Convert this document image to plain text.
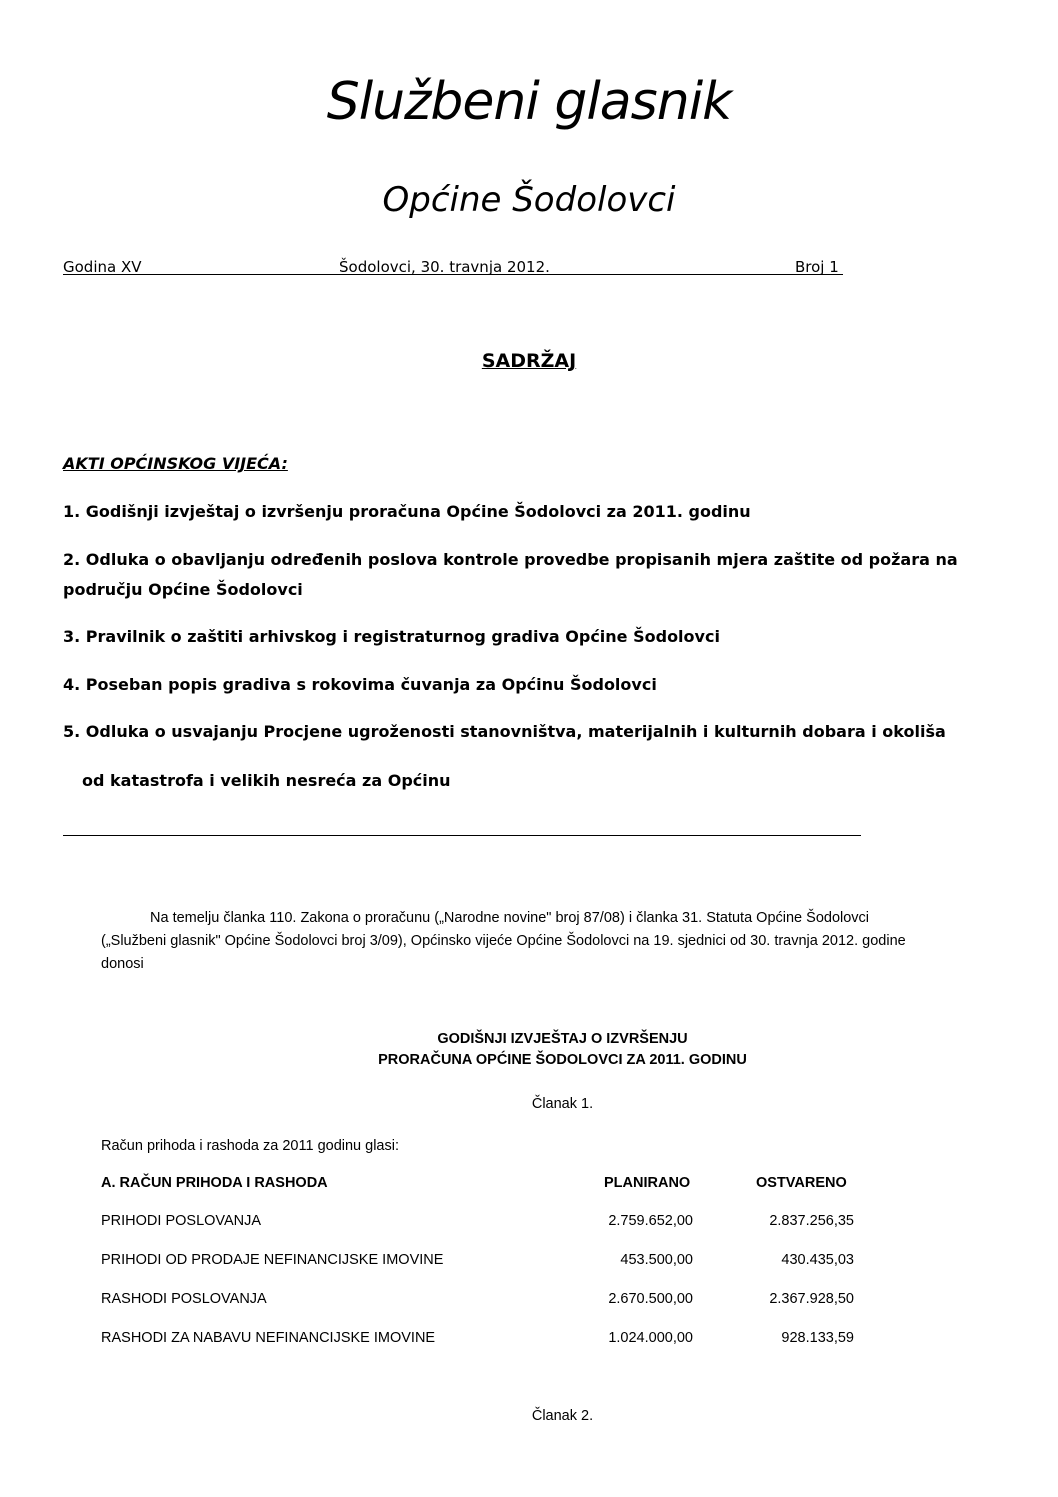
Službeni glasnik
Općine Šodolovci
Godina XV	Šodolovci, 30. travnja 2012.	Broj 1
SADRŽAJ
AKTI OPĆINSKOG VIJEĆA:
1. Godišnji izvještaj o izvršenju proračuna Općine Šodolovci za 2011. godinu
2. Odluka o obavljanju određenih poslova kontrole provedbe propisanih mjera zaštite od požara na
području Općine Šodolovci
3. Pravilnik o zaštiti arhivskog i registraturnog gradiva Općine Šodolovci
4. Poseban popis gradiva s rokovima čuvanja za Općinu Šodolovci
5. Odluka o usvajanju Procjene ugroženosti stanovništva, materijalnih i kulturnih dobara i okoliša
od katastrofa i velikih nesreća za Općinu
Na temelju članka 110. Zakona o proračunu („Narodne novine" broj 87/08) i članka 31. Statuta Općine Šodolovci
(„Službeni glasnik" Općine Šodolovci broj 3/09), Općinsko vijeće Općine Šodolovci na 19. sjednici od 30. travnja 2012. godine
donosi
GODIŠNJI IZVJEŠTAJ O IZVRŠENJU
PRORAČUNA OPĆINE ŠODOLOVCI ZA 2011. GODINU
Članak 1.
Račun prihoda i rashoda za 2011 godinu glasi:
A. RAČUN PRIHODA I RASHODA	PLANIRANO	OSTVARENO
PRIHODI POSLOVANJA	2.759.652,00	2.837.256,35
PRIHODI OD PRODAJE NEFINANCIJSKE IMOVINE	453.500,00	430.435,03
RASHODI POSLOVANJA	2.670.500,00	2.367.928,50
RASHODI ZA NABAVU NEFINANCIJSKE IMOVINE	1.024.000,00	928.133,59
Članak 2.
